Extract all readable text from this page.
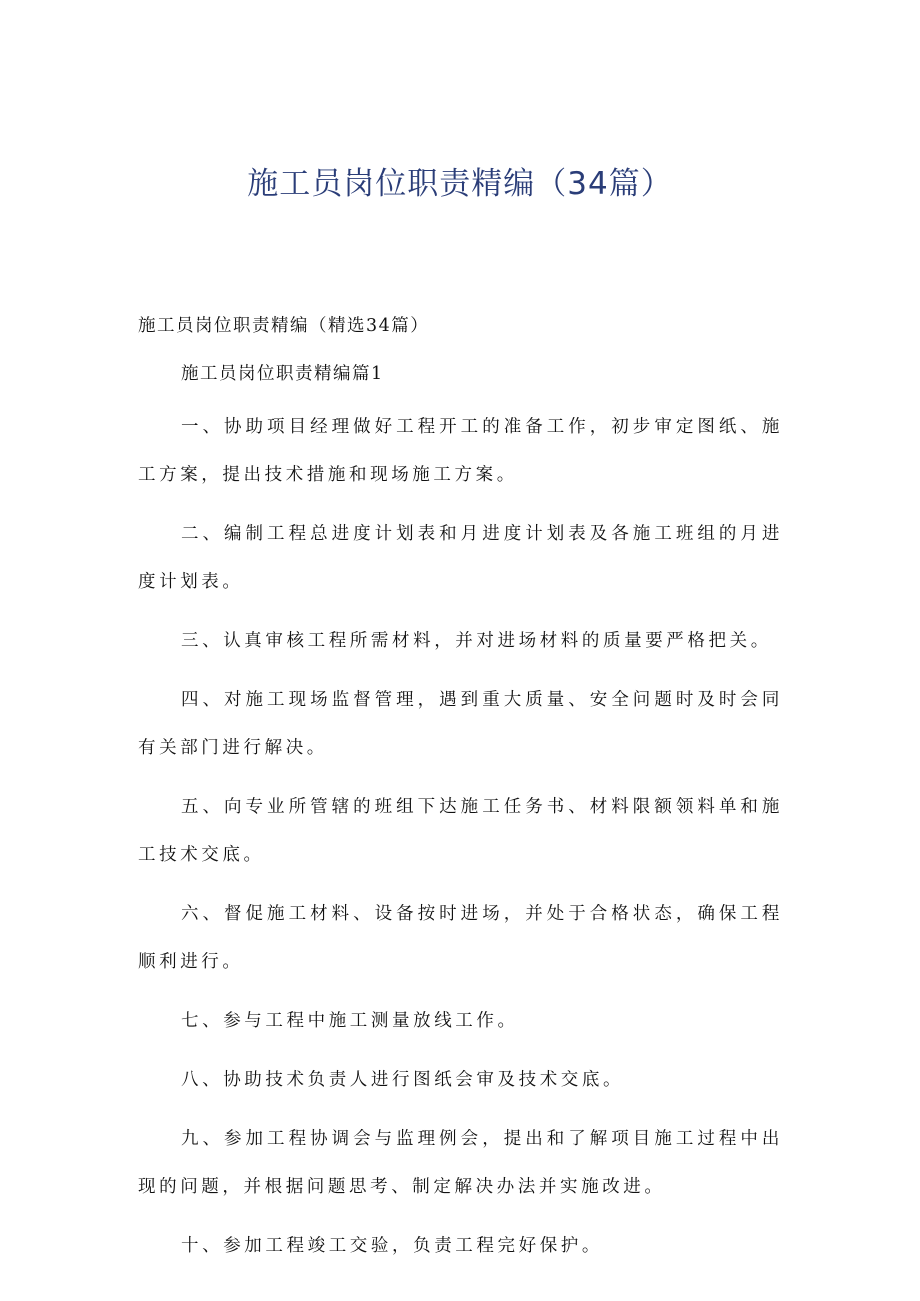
施工员岗位职责精编（34篇）
施工员岗位职责精编（精选34篇）
施工员岗位职责精编篇1
一、协助项目经理做好工程开工的准备工作，初步审定图纸、施工方案，提出技术措施和现场施工方案。
二、编制工程总进度计划表和月进度计划表及各施工班组的月进度计划表。
三、认真审核工程所需材料，并对进场材料的质量要严格把关。
四、对施工现场监督管理，遇到重大质量、安全问题时及时会同有关部门进行解决。
五、向专业所管辖的班组下达施工任务书、材料限额领料单和施工技术交底。
六、督促施工材料、设备按时进场，并处于合格状态，确保工程顺利进行。
七、参与工程中施工测量放线工作。
八、协助技术负责人进行图纸会审及技术交底。
九、参加工程协调会与监理例会，提出和了解项目施工过程中出现的问题，并根据问题思考、制定解决办法并实施改进。
十、参加工程竣工交验，负责工程完好保护。
